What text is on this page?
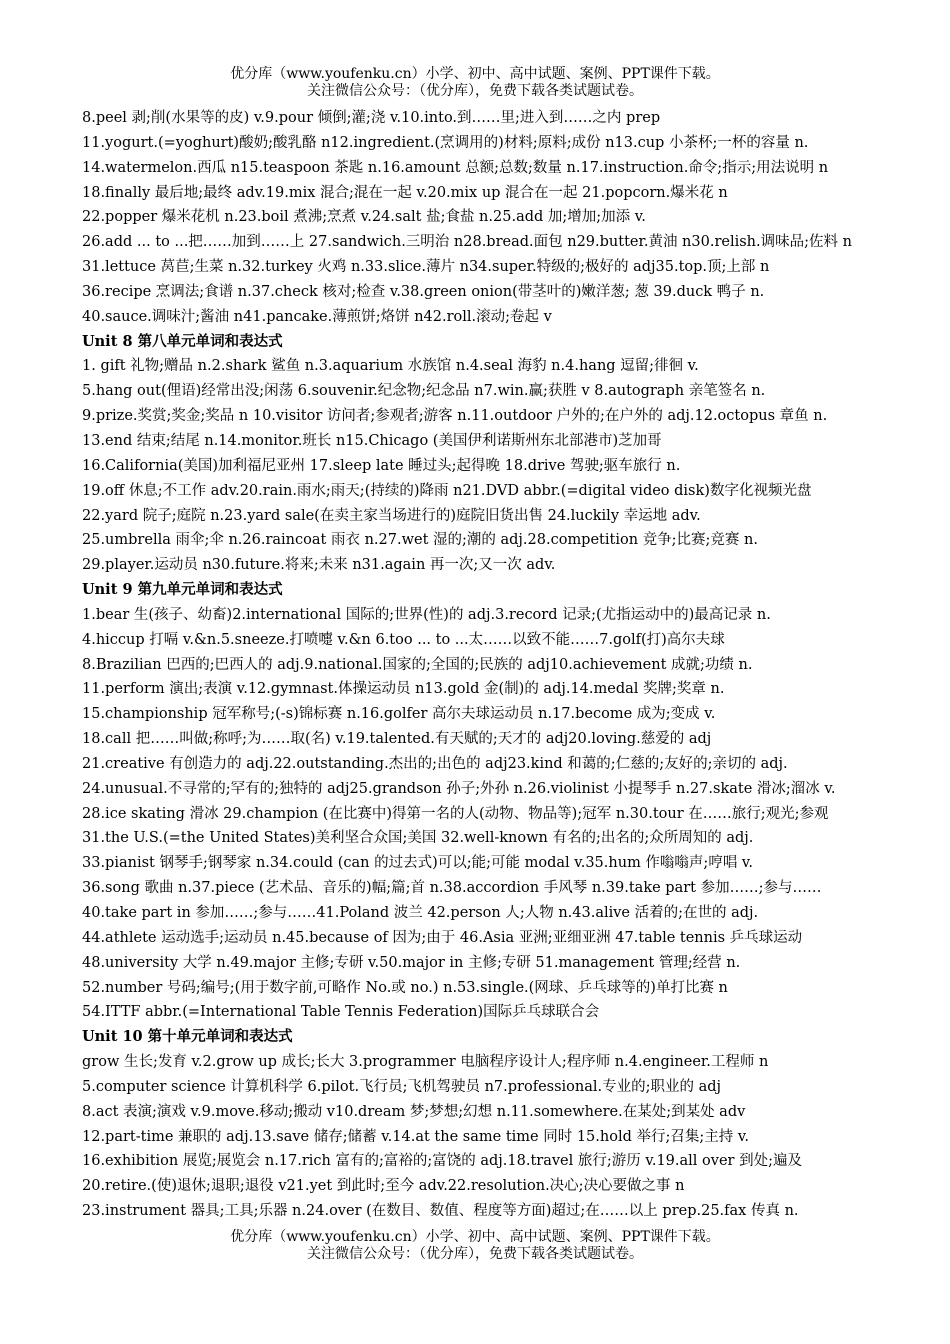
优分库（www.youfenku.cn）小学、初中、高中试题、案例、PPT课件下载。
关注微信公众号：（优分库），免费下载各类试题试卷。
8.peel 剥;削(水果等的皮) v.9.pour 倾倒;灌;浇 v.10.into.到……里;进入到……之内 prep
11.yogurt.(=yoghurt)酸奶;酸乳酪 n12.ingredient.(烹调用的)材料;原料;成份 n13.cup 小茶杯;一杯的容量 n.
14.watermelon.西瓜 n15.teaspoon 茶匙 n.16.amount 总额;总数;数量 n.17.instruction.命令;指示;用法说明 n
18.finally 最后地;最终 adv.19.mix 混合;混在一起 v.20.mix up 混合在一起 21.popcorn.爆米花 n
22.popper 爆米花机 n.23.boil 煮沸;烹煮 v.24.salt 盐;食盐 n.25.add 加;增加;加添 v.
26.add ... to ...把……加到……上 27.sandwich.三明治 n28.bread.面包 n29.butter.黄油 n30.relish.调味品;佐料 n
31.lettuce 莴苣;生菜 n.32.turkey 火鸡 n.33.slice.薄片 n34.super.特级的;极好的 adj35.top.顶;上部 n
36.recipe 烹调法;食谱 n.37.check 核对;检查 v.38.green onion(带茎叶的)嫩洋葱; 葱 39.duck 鸭子 n.
40.sauce.调味汁;酱油 n41.pancake.薄煎饼;烙饼 n42.roll.滚动;卷起 v
Unit 8 第八单元单词和表达式
1. gift 礼物;赠品 n.2.shark 鲨鱼 n.3.aquarium 水族馆 n.4.seal 海豹 n.4.hang 逗留;徘徊 v.
5.hang out(俚语)经常出没;闲荡 6.souvenir.纪念物;纪念品 n7.win.赢;获胜 v 8.autograph 亲笔签名 n.
9.prize.奖赏;奖金;奖品 n 10.visitor 访问者;参观者;游客 n.11.outdoor 户外的;在户外的 adj.12.octopus 章鱼 n.
13.end 结束;结尾 n.14.monitor.班长 n15.Chicago (美国伊利诺斯州东北部港市)芝加哥
16.California(美国)加利福尼亚州 17.sleep late 睡过头;起得晚 18.drive 驾驶;驱车旅行 n.
19.off 休息;不工作 adv.20.rain.雨水;雨天;(持续的)降雨 n21.DVD abbr.(=digital video disk)数字化视频光盘
22.yard 院子;庭院 n.23.yard sale(在卖主家当场进行的)庭院旧货出售 24.luckily 幸运地 adv.
25.umbrella 雨伞;伞 n.26.raincoat 雨衣 n.27.wet 湿的;潮的 adj.28.competition 竞争;比赛;竞赛 n.
29.player.运动员 n30.future.将来;未来 n31.again 再一次;又一次 adv.
Unit 9 第九单元单词和表达式
1.bear 生(孩子、幼畜)2.international 国际的;世界(性)的 adj.3.record 记录;(尤指运动中的)最高记录 n.
4.hiccup 打嗝 v.&n.5.sneeze.打喷嚏 v.&n 6.too ... to ...太……以致不能……7.golf(打)高尔夫球
8.Brazilian 巴西的;巴西人的 adj.9.national.国家的;全国的;民族的 adj10.achievement 成就;功绩 n.
11.perform 演出;表演 v.12.gymnast.体操运动员 n13.gold 金(制)的 adj.14.medal 奖牌;奖章 n.
15.championship 冠军称号;(-s)锦标赛 n.16.golfer 高尔夫球运动员 n.17.become 成为;变成 v.
18.call 把……叫做;称呼;为……取(名) v.19.talented.有天赋的;天才的 adj20.loving.慈爱的 adj
21.creative 有创造力的 adj.22.outstanding.杰出的;出色的 adj23.kind 和蔼的;仁慈的;友好的;亲切的 adj.
24.unusual.不寻常的;罕有的;独特的 adj25.grandson 孙子;外孙 n.26.violinist 小提琴手 n.27.skate 滑冰;溜冰 v.
28.ice skating 滑冰 29.champion (在比赛中)得第一名的人(动物、物品等);冠军 n.30.tour 在……旅行;观光;参观
31.the U.S.(=the United States)美利坚合众国;美国 32.well-known 有名的;出名的;众所周知的 adj.
33.pianist 钢琴手;钢琴家 n.34.could (can 的过去式)可以;能;可能 modal v.35.hum 作嗡嗡声;哼唱 v.
36.song 歌曲 n.37.piece (艺术品、音乐的)幅;篇;首 n.38.accordion 手风琴 n.39.take part 参加……;参与……
40.take part in 参加……;参与……41.Poland 波兰 42.person 人;人物 n.43.alive 活着的;在世的 adj.
44.athlete 运动选手;运动员 n.45.because of 因为;由于 46.Asia 亚洲;亚细亚洲 47.table tennis 乒乓球运动
48.university 大学 n.49.major 主修;专研 v.50.major in 主修;专研 51.management 管理;经营 n.
52.number 号码;编号;(用于数字前,可略作 No.或 no.) n.53.single.(网球、乒乓球等的)单打比赛 n
54.ITTF abbr.(=International Table Tennis Federation)国际乒乓球联合会
Unit 10 第十单元单词和表达式
grow 生长;发育 v.2.grow up 成长;长大 3.programmer 电脑程序设计人;程序师 n.4.engineer.工程师 n
5.computer science 计算机科学 6.pilot.飞行员;飞机驾驶员 n7.professional.专业的;职业的 adj
8.act 表演;演戏 v.9.move.移动;搬动 v10.dream 梦;梦想;幻想 n.11.somewhere.在某处;到某处 adv
12.part-time 兼职的 adj.13.save 储存;储蓄 v.14.at the same time 同时 15.hold 举行;召集;主持 v.
16.exhibition 展览;展览会 n.17.rich 富有的;富裕的;富饶的 adj.18.travel 旅行;游历 v.19.all over 到处;遍及
20.retire.(使)退休;退职;退役 v21.yet 到此时;至今 adv.22.resolution.决心;决心要做之事 n
23.instrument 器具;工具;乐器 n.24.over (在数目、数值、程度等方面)超过;在……以上 prep.25.fax 传真 n.
优分库（www.youfenku.cn）小学、初中、高中试题、案例、PPT课件下载。
关注微信公众号：（优分库），免费下载各类试题试卷。
